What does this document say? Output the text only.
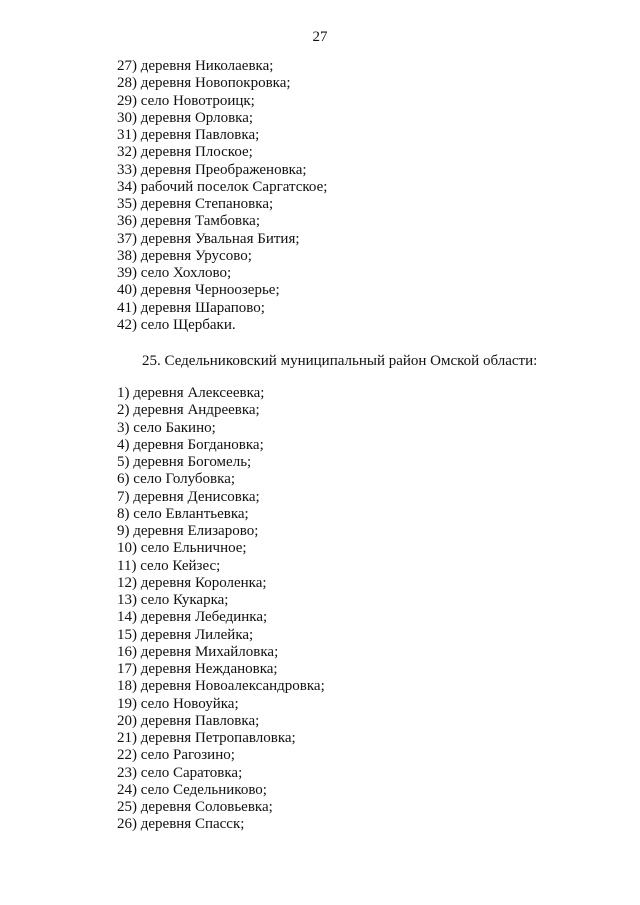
27
27) деревня Николаевка;
28) деревня Новопокровка;
29) село Новотроицк;
30) деревня Орловка;
31) деревня Павловка;
32) деревня Плоское;
33) деревня Преображеновка;
34) рабочий поселок Саргатское;
35) деревня Степановка;
36) деревня Тамбовка;
37) деревня Увальная Бития;
38) деревня Урусово;
39) село Хохлово;
40) деревня Черноозерье;
41) деревня Шарапово;
42) село Щербаки.
25. Седельниковский муниципальный район Омской области:
1) деревня Алексеевка;
2) деревня Андреевка;
3) село Бакино;
4) деревня Богдановка;
5) деревня Богомель;
6) село Голубовка;
7) деревня Денисовка;
8) село Евлантьевка;
9) деревня Елизарово;
10) село Ельничное;
11) село Кейзес;
12) деревня Короленка;
13) село Кукарка;
14) деревня Лебединка;
15) деревня Лилейка;
16) деревня Михайловка;
17) деревня Неждановка;
18) деревня Новоалександровка;
19) село Новоуйка;
20) деревня Павловка;
21) деревня Петропавловка;
22) село Рагозино;
23) село Саратовка;
24) село Седельниково;
25) деревня Соловьевка;
26) деревня Спасск;
